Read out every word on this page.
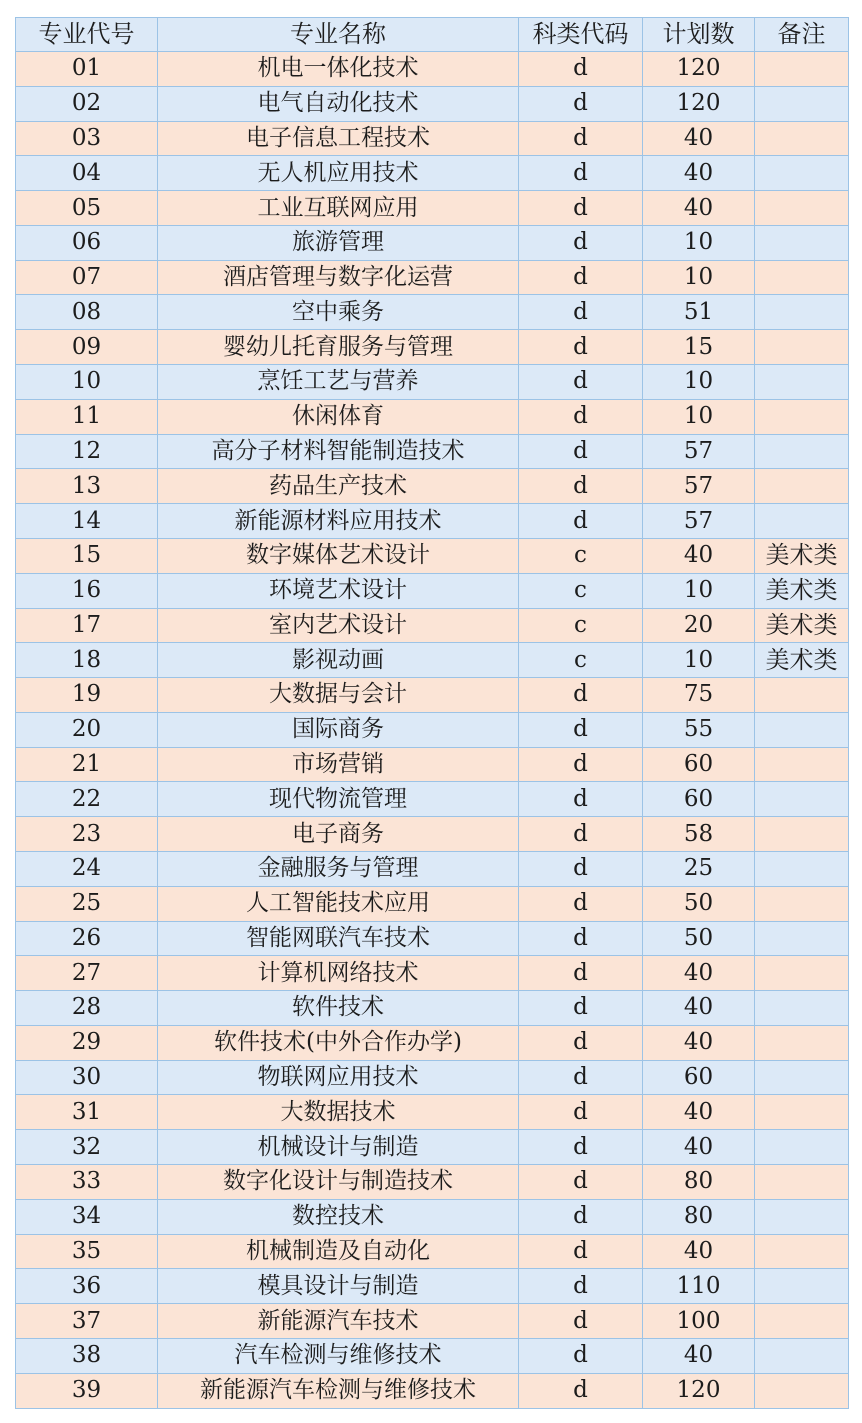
专业代号	专业名称	科类代码	计划数	备注
01	机电一体化技术	d	120	
02	电气自动化技术	d	120	
03	电子信息工程技术	d	40	
04	无人机应用技术	d	40	
05	工业互联网应用	d	40	
06	旅游管理	d	10	
07	酒店管理与数字化运营	d	10	
08	空中乘务	d	51	
09	婴幼儿托育服务与管理	d	15	
10	烹饪工艺与营养	d	10	
11	休闲体育	d	10	
12	高分子材料智能制造技术	d	57	
13	药品生产技术	d	57	
14	新能源材料应用技术	d	57	
15	数字媒体艺术设计	c	40	美术类
16	环境艺术设计	c	10	美术类
17	室内艺术设计	c	20	美术类
18	影视动画	c	10	美术类
19	大数据与会计	d	75	
20	国际商务	d	55	
21	市场营销	d	60	
22	现代物流管理	d	60	
23	电子商务	d	58	
24	金融服务与管理	d	25	
25	人工智能技术应用	d	50	
26	智能网联汽车技术	d	50	
27	计算机网络技术	d	40	
28	软件技术	d	40	
29	软件技术(中外合作办学)	d	40	
30	物联网应用技术	d	60	
31	大数据技术	d	40	
32	机械设计与制造	d	40	
33	数字化设计与制造技术	d	80	
34	数控技术	d	80	
35	机械制造及自动化	d	40	
36	模具设计与制造	d	110	
37	新能源汽车技术	d	100	
38	汽车检测与维修技术	d	40	
39	新能源汽车检测与维修技术	d	120	
